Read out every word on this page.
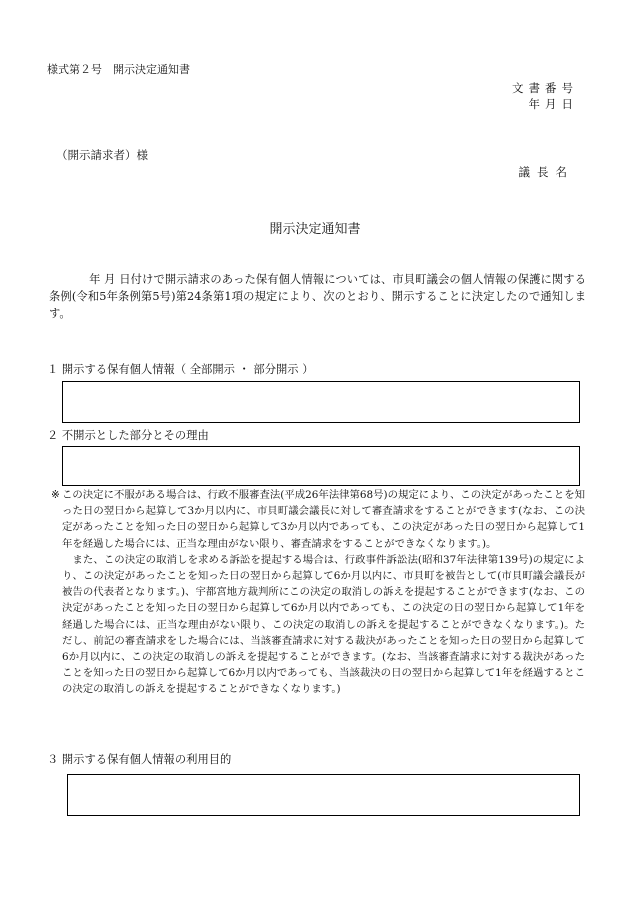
様式第２号　開示決定通知書
文書番号
年月日
（開示請求者）様
議長名
開示決定通知書
年 月 日付けで開示請求のあった保有個人情報については、市貝町議会の個人情報の保護に関する条例(令和5年条例第5号)第24条第1項の規定により、次のとおり、開示することに決定したので通知します。
１ 開示する保有個人情報（ 全部開示 ・ 部分開示 ）
２ 不開示とした部分とその理由
※ この決定に不服がある場合は、行政不服審査法(平成26年法律第68号)の規定により、この決定があったことを知った日の翌日から起算して3か月以内に、市貝町議会議長に対して審査請求をすることができます(なお、この決定があったことを知った日の翌日から起算して3か月以内であっても、この決定があった日の翌日から起算して1年を経過した場合には、正当な理由がない限り、審査請求をすることができなくなります。)。

また、この決定の取消しを求める訴訟を提起する場合は、行政事件訴訟法(昭和37年法律第139号)の規定により、この決定があったことを知った日の翌日から起算して6か月以内に、市貝町を被告として(市貝町議会議長が被告の代表者となります。)、宇都宮地方裁判所にこの決定の取消しの訴えを提起することができます(なお、この決定があったことを知った日の翌日から起算して6か月以内であっても、この決定の日の翌日から起算して1年を経過した場合には、正当な理由がない限り、この決定の取消しの訴えを提起することができなくなります。)。ただし、前記の審査請求をした場合には、当該審査請求に対する裁決があったことを知った日の翌日から起算して6か月以内に、この決定の取消しの訴えを提起することができます。(なお、当該審査請求に対する裁決があったことを知った日の翌日から起算して6か月以内であっても、当該裁決の日の翌日から起算して1年を経過するとこの決定の取消しの訴えを提起することができなくなります。)

３ 開示する保有個人情報の利用目的
